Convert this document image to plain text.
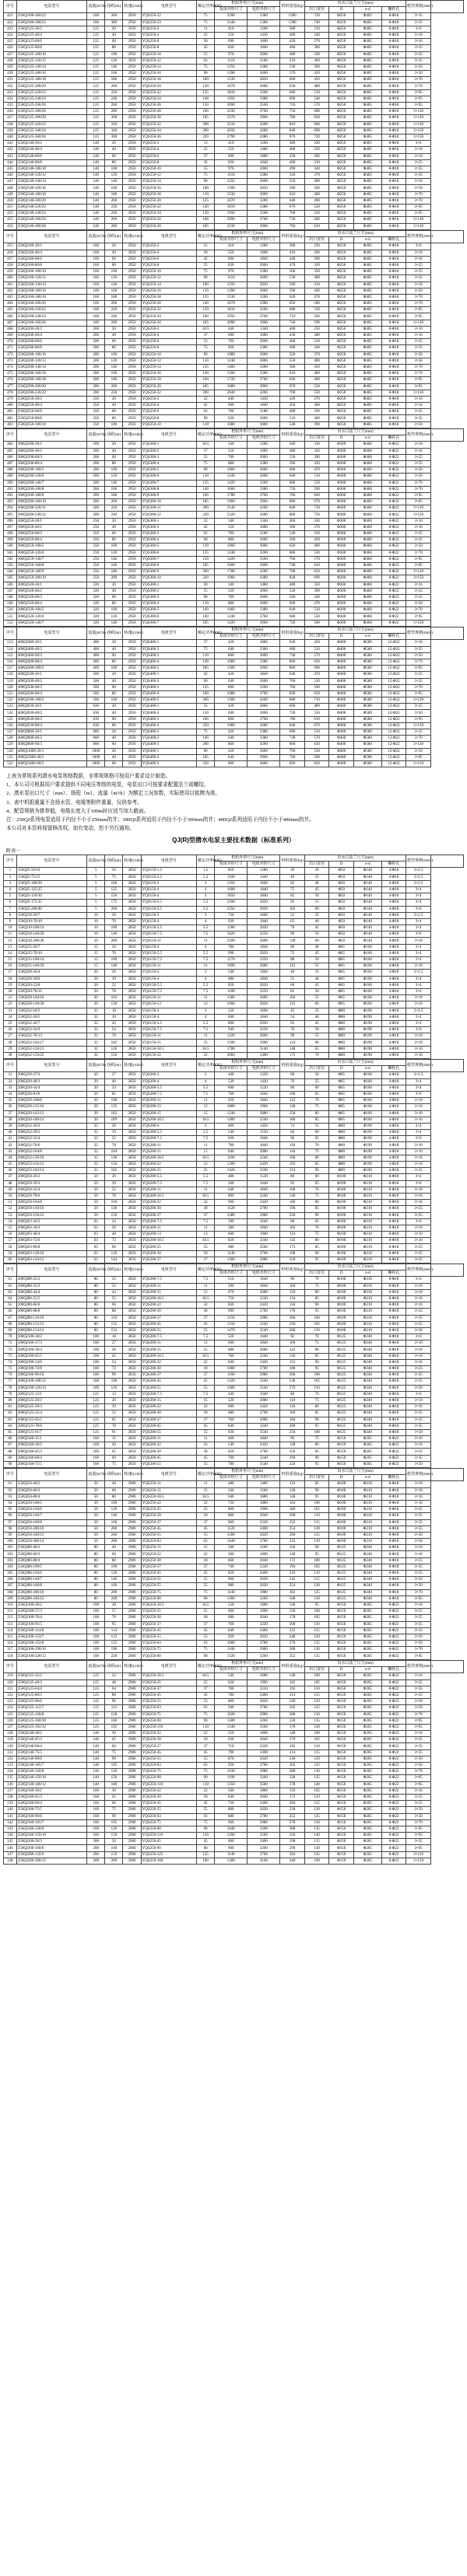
序号	电泵型号	流量(m³/h)	扬程(m)	转速(r/min)	电机型号	额定功率(kW)	机组外形尺寸(mm)		机组重量(kg)	出水口法兰尺寸(mm)				配管规格(mm²)	
							泵体外形尺寸	电机外形尺寸		出口直径	D	n-d	螺栓孔		
421	250QJ100-360/22	100	360	2950	YQS250-22	75	3200	5380	1360	720	Φ250	Φ405	8-Φ18	3×35	
422	250QJ100-380/23	100	380	2950	YQS250-23	75	3340	5380	1380	740	Φ250	Φ405	8-Φ18	3×35	
423	250QJ125-20/2	125	20	2950	YQS250-2	11	410	1200	380	210	Φ250	Φ405	8-Φ18	3×6	
424	250QJ125-40/4	125	40	2950	YQS250-4	22	550	1430	400	240	Φ250	Φ405	8-Φ18	3×10	
425	250QJ125-60/6	125	60	2950	YQS250-6	30	690	1600	420	270	Φ250	Φ405	8-Φ18	3×16	
426	250QJ125-80/8	125	80	2950	YQS250-8	45	830	1840	460	300	Φ250	Φ405	8-Φ18	3×25	
427	250QJ125-100/10	125	100	2950	YQS250-10	55	970	2060	480	330	Φ250	Φ405	8-Φ18	3×35	
428	250QJ125-120/12	125	120	2950	YQS250-12	63	1110	2180	510	360	Φ250	Φ405	8-Φ18	3×35	
429	250QJ125-140/14	125	140	2950	YQS250-14	75	1250	2380	540	390	Φ250	Φ405	8-Φ18	3×50	
430	250QJ125-160/16	125	160	2950	YQS250-16	90	1390	2600	570	420	Φ250	Φ405	8-Φ18	3×50	
431	250QJ125-180/18	125	180	2950	YQS250-18	100	1530	2820	600	450	Φ250	Φ405	8-Φ18	3×70	
432	250QJ125-200/20	125	200	2950	YQS250-20	110	1670	3000	630	480	Φ250	Φ405	8-Φ18	3×70	
433	250QJ125-220/22	125	220	2950	YQS250-22	125	1810	3200	660	510	Φ250	Φ405	8-Φ18	3×95	
434	250QJ125-240/24	125	240	2950	YQS250-24	140	1950	3380	690	540	Φ250	Φ405	8-Φ18	3×95	
435	250QJ125-260/26	125	260	2950	YQS250-26	150	2090	3560	720	570	Φ250	Φ405	8-Φ18	3×95	
436	250QJ125-280/28	125	280	2950	YQS250-28	160	2230	3760	750	600	Φ250	Φ405	8-Φ18	3×120	
437	250QJ125-300/30	125	300	2950	YQS250-30	185	2370	3960	780	630	Φ250	Φ405	8-Φ18	3×120	
438	250QJ125-320/32	125	320	2950	YQS250-32	200	2510	4200	810	660	Φ250	Φ405	8-Φ18	3×120	
439	250QJ125-340/34	125	340	2950	YQS250-34	200	2650	4200	840	690	Φ250	Φ405	8-Φ18	3×150	
440	250QJ125-360/36	125	360	2950	YQS250-36	220	2790	4380	870	720	Φ250	Φ405	8-Φ18	3×150	
441	250QJ140-20/2	140	20	2950	YQS250-2	13	410	1260	380	220	Φ250	Φ405	8-Φ18	3×6	
442	250QJ140-40/4	140	40	2950	YQS250-4	25	550	1480	400	250	Φ250	Φ405	8-Φ18	3×10	
443	250QJ140-60/6	140	60	2950	YQS250-6	37	690	1680	430	280	Φ250	Φ405	8-Φ18	3×16	
444	250QJ140-80/8	140	80	2950	YQS250-8	45	830	1840	460	310	Φ250	Φ405	8-Φ18	3×25	
445	250QJ140-100/10	140	100	2950	YQS250-10	55	970	2060	490	340	Φ250	Φ405	8-Φ18	3×35	
446	250QJ140-120/12	140	120	2950	YQS250-12	75	1110	2380	520	370	Φ250	Φ405	8-Φ18	3×35	
447	250QJ140-140/14	140	140	2950	YQS250-14	90	1250	2600	550	400	Φ250	Φ405	8-Φ18	3×50	
448	250QJ140-160/16	140	160	2950	YQS250-16	100	1390	2820	580	430	Φ250	Φ405	8-Φ18	3×50	
449	250QJ140-180/18	140	180	2950	YQS250-18	110	1530	3000	610	460	Φ250	Φ405	8-Φ18	3×70	
450	250QJ140-200/20	140	200	2950	YQS250-20	125	1670	3200	640	490	Φ250	Φ405	8-Φ18	3×70	
451	250QJ140-220/22	140	220	2950	YQS250-22	140	1810	3380	670	520	Φ250	Φ405	8-Φ18	3×95	
452	250QJ140-240/24	140	240	2950	YQS250-24	150	1950	3560	700	550	Φ250	Φ405	8-Φ18	3×95	
453	250QJ140-260/26	140	260	2950	YQS250-26	160	2090	3760	730	580	Φ250	Φ405	8-Φ18	3×120	
454	250QJ140-280/28	140	280	2950	YQS250-28	185	2230	3960	760	610	Φ250	Φ405	8-Φ18	3×120	
序号	电泵型号	流量(m³/h)	扬程(m)	转速(r/min)	电机型号	额定功率(kW)	机组外形尺寸(mm)		机组重量(kg)	出水口法兰尺寸(mm)				配管规格(mm²)	
							泵体外形尺寸	电机外形尺寸		出口直径	D	n-d	螺栓孔		
455	250QJ160-20/2	160	20	2950	YQS250-2	15	410	1280	380	230	Φ250	Φ405	8-Φ18	3×6	
456	250QJ160-40/4	160	40	2950	YQS250-4	30	550	1600	410	260	Φ250	Φ405	8-Φ18	3×10	
457	250QJ160-60/6	160	60	2950	YQS250-6	45	690	1840	440	290	Φ250	Φ405	8-Φ18	3×16	
458	250QJ160-80/8	160	80	2950	YQS250-8	55	830	2060	470	320	Φ250	Φ405	8-Φ18	3×25	
459	250QJ160-100/10	160	100	2950	YQS250-10	75	970	2380	500	350	Φ250	Φ405	8-Φ18	3×35	
460	250QJ160-120/12	160	120	2950	YQS250-12	90	1110	2600	530	380	Φ250	Φ405	8-Φ18	3×35	
461	250QJ160-140/14	160	140	2950	YQS250-14	100	1250	2820	560	410	Φ250	Φ405	8-Φ18	3×50	
462	250QJ160-160/16	160	160	2950	YQS250-16	110	1390	3000	590	440	Φ250	Φ405	8-Φ18	3×50	
463	250QJ160-180/18	160	180	2950	YQS250-18	125	1530	3200	620	470	Φ250	Φ405	8-Φ18	3×70	
464	250QJ160-200/20	160	200	2950	YQS250-20	140	1670	3380	650	500	Φ250	Φ405	8-Φ18	3×70	
465	250QJ160-220/22	160	220	2950	YQS250-22	150	1810	3560	680	530	Φ250	Φ405	8-Φ18	3×95	
466	250QJ160-240/24	160	240	2950	YQS250-24	160	1950	3760	710	560	Φ250	Φ405	8-Φ18	3×95	
467	250QJ160-260/26	160	260	2950	YQS250-26	185	2090	3960	740	590	Φ250	Φ405	8-Φ18	3×120	
468	250QJ200-20/2	200	20	2950	YQS250-2	18.5	440	1340	400	250	Φ250	Φ405	8-Φ18	3×10	
469	250QJ200-40/4	200	40	2950	YQS250-4	37	600	1680	430	280	Φ250	Φ405	8-Φ18	3×16	
470	250QJ200-60/6	200	60	2950	YQS250-6	55	760	2060	460	310	Φ250	Φ405	8-Φ18	3×25	
471	250QJ200-80/8	200	80	2950	YQS250-8	75	920	2380	490	340	Φ250	Φ405	8-Φ18	3×35	
472	250QJ200-100/10	200	100	2950	YQS250-10	90	1080	2600	520	370	Φ250	Φ405	8-Φ18	3×50	
473	250QJ200-120/12	200	120	2950	YQS250-12	110	1240	3000	550	400	Φ250	Φ405	8-Φ18	3×50	
474	250QJ200-140/14	200	140	2950	YQS250-14	125	1400	3200	580	430	Φ250	Φ405	8-Φ18	3×70	
475	250QJ200-160/16	200	160	2950	YQS250-16	140	1560	3380	610	460	Φ250	Φ405	8-Φ18	3×70	
476	250QJ200-180/18	200	180	2950	YQS250-18	160	1720	3760	640	490	Φ250	Φ405	8-Φ18	3×95	
477	250QJ200-200/20	200	200	2950	YQS250-20	185	1880	3960	670	520	Φ250	Φ405	8-Φ18	3×95	
478	250QJ200-220/22	200	220	2950	YQS250-22	200	2040	4200	700	550	Φ250	Φ405	8-Φ18	3×120	
479	250QJ250-20/2	250	20	2950	YQS250-2	22	440	1430	420	270	Φ250	Φ405	8-Φ18	3×10	
480	250QJ250-40/4	250	40	2950	YQS250-4	45	600	1840	450	300	Φ250	Φ405	8-Φ18	3×16	
481	250QJ250-60/6	250	60	2950	YQS250-6	63	760	2180	480	330	Φ250	Φ405	8-Φ18	3×25	
482	250QJ250-80/8	250	80	2950	YQS250-8	90	920	2600	510	360	Φ250	Φ405	8-Φ18	3×35	
483	250QJ250-100/10	250	100	2950	YQS250-10	110	1080	3000	540	390	Φ250	Φ405	8-Φ18	3×50	
序号	电泵型号	流量(m³/h)	扬程(m)	转速(r/min)	电机型号	额定功率(kW)	机组外形尺寸(mm)		机组重量(kg)	出水口法兰尺寸(mm)				配管规格(mm²)	
							泵体外形尺寸	电机外形尺寸		出口直径	D	n-d	螺栓孔		
484	300QJ200-20/1	200	20	2950	YQS300-1	18.5	340	1280	440	310	Φ300	Φ460	8-Φ22	3×10	
485	300QJ200-40/2	200	40	2950	YQS300-2	37	520	1600	480	350	Φ300	Φ460	8-Φ22	3×16	
486	300QJ200-60/3	200	60	2950	YQS300-3	55	700	2060	520	390	Φ300	Φ460	8-Φ22	3×25	
487	300QJ200-80/4	200	80	2950	YQS300-4	75	880	2380	560	430	Φ300	Φ460	8-Φ22	3×35	
488	300QJ200-100/5	200	100	2950	YQS300-5	90	1060	2600	600	470	Φ300	Φ460	8-Φ22	3×50	
489	300QJ200-120/6	200	120	2950	YQS300-6	110	1240	3000	640	510	Φ300	Φ460	8-Φ22	3×50	
490	300QJ200-140/7	200	140	2950	YQS300-7	125	1420	3200	680	550	Φ300	Φ460	8-Φ22	3×70	
491	300QJ200-160/8	200	160	2950	YQS300-8	140	1600	3380	720	590	Φ300	Φ460	8-Φ22	3×70	
492	300QJ200-180/9	200	180	2950	YQS300-9	160	1780	3760	760	630	Φ300	Φ460	8-Φ22	3×95	
493	300QJ200-200/10	200	200	2950	YQS300-10	185	1960	3960	800	670	Φ300	Φ460	8-Φ22	3×95	
494	300QJ200-220/11	200	220	2950	YQS300-11	200	2140	4200	840	710	Φ300	Φ460	8-Φ22	3×120	
495	300QJ200-240/12	200	240	2950	YQS300-12	220	2320	4380	880	750	Φ300	Φ460	8-Φ22	3×150	
496	300QJ250-20/1	250	20	2950	YQS300-1	22	340	1340	460	330	Φ300	Φ460	8-Φ22	3×10	
497	300QJ250-40/2	250	40	2950	YQS300-2	45	520	1680	500	370	Φ300	Φ460	8-Φ22	3×16	
498	300QJ250-60/3	250	60	2950	YQS300-3	63	700	2180	540	410	Φ300	Φ460	8-Φ22	3×25	
499	300QJ250-80/4	250	80	2950	YQS300-4	90	880	2600	580	450	Φ300	Φ460	8-Φ22	3×35	
500	300QJ250-100/5	250	100	2950	YQS300-5	110	1060	3000	620	490	Φ300	Φ460	8-Φ22	3×50	
501	300QJ250-120/6	250	120	2950	YQS300-6	125	1240	3200	660	530	Φ300	Φ460	8-Φ22	3×70	
502	300QJ250-140/7	250	140	2950	YQS300-7	150	1420	3560	700	570	Φ300	Φ460	8-Φ22	3×95	
503	300QJ250-160/8	250	160	2950	YQS300-8	185	1600	3960	740	610	Φ300	Φ460	8-Φ22	3×95	
504	300QJ250-180/9	250	180	2950	YQS300-9	200	1780	4200	780	650	Φ300	Φ460	8-Φ22	3×120	
505	300QJ250-200/10	250	200	2950	YQS300-10	220	1960	4380	820	690	Φ300	Φ460	8-Φ22	3×150	
506	300QJ320-20/1	320	20	2950	YQS300-1	30	340	1480	480	350	Φ300	Φ460	8-Φ22	3×16	
507	300QJ320-40/2	320	40	2950	YQS300-2	55	520	2060	520	390	Φ300	Φ460	8-Φ22	3×25	
508	300QJ320-60/3	320	60	2950	YQS300-3	90	700	2600	560	430	Φ300	Φ460	8-Φ22	3×35	
509	300QJ320-80/4	320	80	2950	YQS300-4	110	880	3000	600	470	Φ300	Φ460	8-Φ22	3×50	
510	300QJ320-100/5	320	100	2950	YQS300-5	140	1060	3380	640	510	Φ300	Φ460	8-Φ22	3×70	
511	300QJ320-120/6	320	120	2950	YQS300-6	160	1240	3760	680	550	Φ300	Φ460	8-Φ22	3×95	
512	300QJ320-140/7	320	140	2950	YQS300-7	185	1420	3960	720	590	Φ300	Φ460	8-Φ22	3×120	
序号	电泵型号	流量(m³/h)	扬程(m)	转速(r/min)	电机型号	额定功率(kW)	机组外形尺寸(mm)		机组重量(kg)	出水口法兰尺寸(mm)				配管规格(mm²)	
							泵体外形尺寸	电机外形尺寸		出口直径	D	n-d	螺栓孔		
513	400QJ400-20/1	400	20	2950	YQS400-1	37	420	1680	620	450	Φ400	Φ580	12-Φ22	3×16	
514	400QJ400-40/2	400	40	2950	YQS400-2	75	640	2380	680	510	Φ400	Φ580	12-Φ22	3×35	
515	400QJ400-60/3	400	60	2950	YQS400-3	110	860	3000	740	570	Φ400	Φ580	12-Φ22	3×50	
516	400QJ400-80/4	400	80	2950	YQS400-4	140	1080	3380	800	630	Φ400	Φ580	12-Φ22	3×70	
517	400QJ400-100/5	400	100	2950	YQS400-5	185	1300	3960	860	690	Φ400	Φ580	12-Φ22	3×95	
518	400QJ500-20/1	500	20	2950	YQS400-1	45	420	1840	640	470	Φ400	Φ580	12-Φ22	3×25	
519	400QJ500-40/2	500	40	2950	YQS400-2	90	640	2600	700	530	Φ400	Φ580	12-Φ22	3×35	
520	400QJ500-60/3	500	60	2950	YQS400-3	125	860	3200	760	590	Φ400	Φ580	12-Φ22	3×70	
521	400QJ500-80/4	500	80	2950	YQS400-4	160	1080	3760	820	650	Φ400	Φ580	12-Φ22	3×95	
522	400QJ500-100/5	500	100	2950	YQS400-5	200	1300	4200	880	710	Φ400	Φ580	12-Φ22	3×120	
523	400QJ630-20/1	630	20	2950	YQS400-1	55	420	2060	660	490	Φ400	Φ580	12-Φ22	3×25	
524	400QJ630-40/2	630	40	2950	YQS400-2	110	640	3000	720	550	Φ400	Φ580	12-Φ22	3×50	
525	400QJ630-60/3	630	60	2950	YQS400-3	160	860	3760	780	610	Φ400	Φ580	12-Φ22	3×95	
526	400QJ630-80/4	630	80	2950	YQS400-4	220	1080	4380	840	670	Φ400	Φ580	12-Φ22	3×150	
527	400QJ800-20/1	800	20	2950	YQS400-1	75	420	2380	680	510	Φ400	Φ580	12-Φ22	3×35	
528	400QJ800-40/2	800	40	2950	YQS400-2	140	640	3380	740	570	Φ400	Φ580	12-Φ22	3×70	
529	400QJ800-60/3	800	60	2950	YQS400-3	200	860	4200	800	630	Φ400	Φ580	12-Φ22	3×120	
530	400QJ1000-20/1	1000	20	2950	YQS400-1	90	420	2600	700	530	Φ400	Φ580	12-Φ22	3×50	
531	400QJ1000-40/2	1000	40	2950	YQS400-2	185	640	3960	760	590	Φ400	Φ580	12-Φ22	3×95	
532	400QJ1000-60/3	1000	60	2950	YQS400-3	250	860	4600	820	650	Φ400	Φ580	12-Φ22	3×150	
序号	电泵型号	流量(m³/h)	扬程(m)	转速(r/min)	电机型号	额定功率(kW)	机组外形尺寸(mm)		机组重量(kg)	出水口法兰尺寸(mm)				配管规格(mm²)	
							泵体外形尺寸	电机外形尺寸		出口直径	D	n-d	螺栓孔		
1	150QJ5-50/10	5	50	2850	YQS150-1.5	1.5	850	1280	39	30	Φ50	Φ140	4-Φ18	3×2.5	
2	150QJ5-75/15	5	75	2850	YQS150-2.2	2.2	1100	1440	49	35	Φ50	Φ140	4-Φ18	3×2.5	
3	150QJ5-100/20	5	100	2850	YQS150-3	3	1350	1660	62	40	Φ50	Φ140	4-Φ18	3×2.5	
4	150QJ5-125/25	5	125	2850	YQS150-4	4	1600	1840	75	45	Φ50	Φ140	4-Φ18	3×4	
5	150QJ5-150/30	5	150	2850	YQS150-4	4	1850	1840	82	50	Φ50	Φ140	4-Φ18	3×4	
6	150QJ5-175/35	5	175	2850	YQS150-5.5	5.5	2100	2020	95	55	Φ50	Φ140	4-Φ18	3×4	
7	150QJ5-200/40	5	200	2850	YQS150-5.5	5.5	2350	2020	102	60	Φ50	Φ140	4-Φ18	3×6	
8	150QJ10-50/7	10	50	2850	YQS150-3	3	720	1660	52	35	Φ50	Φ140	4-Φ18	3×2.5	
9	150QJ10-70/10	10	70	2850	YQS150-4	4	930	1840	63	40	Φ50	Φ140	4-Φ18	3×4	
10	150QJ10-100/14	10	100	2850	YQS150-5.5	5.5	1200	2020	78	45	Φ50	Φ140	4-Φ18	3×4	
11	150QJ10-140/20	10	140	2850	YQS150-7.5	7.5	1620	2250	99	50	Φ50	Φ140	4-Φ18	3×6	
12	150QJ10-200/28	10	200	2850	YQS150-11	11	2180	2600	130	60	Φ50	Φ140	4-Φ18	3×10	
13	150QJ15-50/7	15	50	2850	YQS150-4	4	780	1840	60	40	Φ65	Φ160	4-Φ18	3×4	
14	150QJ15-70/10	15	70	2850	YQS150-5.5	5.5	990	2020	72	45	Φ65	Φ160	4-Φ18	3×4	
15	150QJ15-100/14	15	100	2850	YQS150-7.5	7.5	1270	2250	88	50	Φ65	Φ160	4-Φ18	3×6	
16	150QJ15-140/20	15	140	2850	YQS150-11	11	1690	2600	112	55	Φ65	Φ160	4-Φ18	3×10	
17	150QJ20-26/4	20	26	2850	YQS150-3	3	540	1660	46	35	Φ65	Φ160	4-Φ18	3×2.5	
18	150QJ20-39/6	20	39	2850	YQS150-4	4	680	1840	55	40	Φ65	Φ160	4-Φ18	3×4	
19	150QJ20-52/8	20	52	2850	YQS150-5.5	5.5	820	2020	66	45	Φ65	Φ160	4-Φ18	3×4	
20	150QJ20-78/12	20	78	2850	YQS150-7.5	7.5	1100	2250	82	50	Φ65	Φ160	4-Φ18	3×6	
21	150QJ20-104/16	20	104	2850	YQS150-11	11	1380	2600	104	55	Φ65	Φ160	4-Φ18	3×10	
22	150QJ20-130/20	20	130	2850	YQS150-13	13	1660	2820	122	60	Φ65	Φ160	4-Φ18	3×10	
23	150QJ32-18/3	32	18	2850	YQS150-3	3	520	1660	45	35	Φ80	Φ190	4-Φ18	3×2.5	
24	150QJ32-30/5	32	30	2850	YQS150-4	4	660	1840	54	40	Φ80	Φ190	4-Φ18	3×4	
25	150QJ32-42/7	32	42	2850	YQS150-5.5	5.5	800	2020	65	45	Φ80	Φ190	4-Φ18	3×4	
26	150QJ32-54/9	32	54	2850	YQS150-7.5	7.5	940	2250	78	50	Φ80	Φ190	4-Φ18	3×6	
27	150QJ32-78/13	32	78	2850	YQS150-11	11	1220	2600	98	55	Φ80	Φ190	4-Φ18	3×10	
28	150QJ32-102/17	32	102	2850	YQS150-15	15	1500	2900	124	60	Φ80	Φ190	4-Φ18	3×10	
29	150QJ32-126/21	32	126	2850	YQS150-18.5	18.5	1780	3140	148	65	Φ80	Φ190	4-Φ18	3×16	
30	150QJ32-150/25	32	150	2850	YQS150-22	22	2060	3400	172	70	Φ80	Φ190	4-Φ18	3×16	
序号	电泵型号	流量(m³/h)	扬程(m)	转速(r/min)	电机型号	额定功率(kW)	机组外形尺寸(mm)		机组重量(kg)	出水口法兰尺寸(mm)				配管规格(mm²)	
							泵体外形尺寸	电机外形尺寸		出口直径	D	n-d	螺栓孔		
31	200QJ20-27/2	20	27	2850	YQS200-3	3	440	1320	68	50	Φ65	Φ160	4-Φ18	3×2.5	
32	200QJ20-40/3	20	40	2850	YQS200-4	4	520	1420	76	55	Φ65	Φ160	4-Φ18	3×4	
33	200QJ20-54/4	20	54	2850	YQS200-5.5	5.5	600	1520	86	60	Φ65	Φ160	4-Φ18	3×4	
34	200QJ20-81/6	20	81	2850	YQS200-7.5	7.5	760	1640	100	65	Φ65	Φ160	4-Φ18	3×6	
35	200QJ20-108/8	20	108	2850	YQS200-11	11	920	1840	122	70	Φ65	Φ160	4-Φ18	3×10	
36	200QJ20-135/10	20	135	2850	YQS200-13	13	1080	1960	140	75	Φ65	Φ160	4-Φ18	3×10	
37	200QJ20-162/12	20	162	2850	YQS200-15	15	1240	2080	158	80	Φ65	Φ160	4-Φ18	3×10	
38	200QJ20-189/14	20	189	2850	YQS200-18.5	18.5	1400	2240	180	85	Φ65	Φ160	4-Φ18	3×16	
39	200QJ32-26/2	32	26	2850	YQS200-4	4	460	1420	74	55	Φ80	Φ190	4-Φ18	3×4	
40	200QJ32-39/3	32	39	2850	YQS200-5.5	5.5	540	1520	84	60	Φ80	Φ190	4-Φ18	3×4	
41	200QJ32-52/4	32	52	2850	YQS200-7.5	7.5	620	1640	96	65	Φ80	Φ190	4-Φ18	3×6	
42	200QJ32-78/6	32	78	2850	YQS200-11	11	780	1840	118	70	Φ80	Φ190	4-Φ18	3×10	
43	200QJ32-104/8	32	104	2850	YQS200-15	15	940	2080	144	75	Φ80	Φ190	4-Φ18	3×10	
44	200QJ32-130/10	32	130	2850	YQS200-18.5	18.5	1100	2240	168	80	Φ80	Φ190	4-Φ18	3×16	
45	200QJ32-156/12	32	156	2850	YQS200-22	22	1260	2420	192	85	Φ80	Φ190	4-Φ18	3×16	
46	200QJ32-182/14	32	182	2850	YQS200-25	25	1420	2560	214	90	Φ80	Φ190	4-Φ18	3×25	
47	200QJ50-26/2	50	26	2850	YQS200-5.5	5.5	480	1520	80	60	Φ100	Φ210	8-Φ18	3×4	
48	200QJ50-39/3	50	39	2850	YQS200-7.5	7.5	560	1640	92	65	Φ100	Φ210	8-Φ18	3×6	
49	200QJ50-52/4	50	52	2850	YQS200-11	11	640	1840	108	70	Φ100	Φ210	8-Φ18	3×10	
50	200QJ50-78/6	50	78	2850	YQS200-18.5	18.5	800	2240	140	75	Φ100	Φ210	8-Φ18	3×16	
51	200QJ50-104/8	50	104	2850	YQS200-22	22	960	2420	166	80	Φ100	Φ210	8-Φ18	3×16	
52	200QJ50-130/10	50	130	2850	YQS200-30	30	1120	2700	196	85	Φ100	Φ210	8-Φ18	3×25	
53	200QJ50-156/12	50	156	2850	YQS200-37	37	1280	2980	226	90	Φ100	Φ210	8-Φ18	3×35	
54	200QJ63-24/2	63	24	2850	YQS200-7.5	7.5	500	1640	88	65	Φ100	Φ210	8-Φ18	3×6	
55	200QJ63-36/3	63	36	2850	YQS200-11	11	580	1840	102	70	Φ100	Φ210	8-Φ18	3×10	
56	200QJ63-48/4	63	48	2850	YQS200-13	13	660	1960	114	75	Φ100	Φ210	8-Φ18	3×10	
57	200QJ63-72/6	63	72	2850	YQS200-18.5	18.5	820	2240	142	80	Φ100	Φ210	8-Φ18	3×16	
58	200QJ63-96/8	63	96	2850	YQS200-25	25	980	2560	172	85	Φ100	Φ210	8-Φ18	3×25	
59	200QJ63-120/10	63	120	2850	YQS200-30	30	1140	2700	198	90	Φ100	Φ210	8-Φ18	3×25	
60	200QJ63-144/12	63	144	2850	YQS200-37	37	1300	2980	228	95	Φ100	Φ210	8-Φ18	3×35	
序号	电泵型号	流量(m³/h)	扬程(m)	转速(r/min)	电机型号	额定功率(kW)	机组外形尺寸(mm)		机组重量(kg)	出水口法兰尺寸(mm)				配管规格(mm²)	
							泵体外形尺寸	电机外形尺寸		出口直径	D	n-d	螺栓孔		
61	200QJ80-22/2	80	22	2850	YQS200-7.5	7.5	510	1640	90	70	Φ100	Φ210	8-Φ18	3×6	
62	200QJ80-33/3	80	33	2850	YQS200-11	11	590	1840	104	75	Φ100	Φ210	8-Φ18	3×10	
63	200QJ80-44/4	80	44	2850	YQS200-15	15	670	2080	120	80	Φ100	Φ210	8-Φ18	3×10	
64	200QJ80-55/5	80	55	2850	YQS200-18.5	18.5	750	2240	134	85	Φ100	Φ210	8-Φ18	3×16	
65	200QJ80-66/6	80	66	2850	YQS200-22	22	830	2420	150	90	Φ100	Φ210	8-Φ18	3×16	
66	200QJ80-88/8	80	88	2850	YQS200-30	30	990	2700	178	95	Φ100	Φ210	8-Φ18	3×25	
67	200QJ80-110/10	80	110	2850	YQS200-37	37	1150	2980	206	100	Φ100	Φ210	8-Φ18	3×35	
68	200QJ80-132/12	80	132	2850	YQS200-45	45	1310	3240	236	105	Φ100	Φ210	8-Φ18	3×35	
69	200QJ80-154/14	80	154	2850	YQS200-55	55	1470	3540	268	110	Φ100	Φ210	8-Φ18	3×50	
70	200QJ100-18/2	100	18	2850	YQS200-7.5	7.5	520	1640	92	70	Φ125	Φ240	8-Φ18	3×6	
71	200QJ100-27/3	100	27	2850	YQS200-11	11	600	1840	106	75	Φ125	Φ240	8-Φ18	3×10	
72	200QJ100-36/4	100	36	2850	YQS200-15	15	680	2080	122	80	Φ125	Φ240	8-Φ18	3×10	
73	200QJ100-45/5	100	45	2850	YQS200-18.5	18.5	760	2240	136	85	Φ125	Φ240	8-Φ18	3×16	
74	200QJ100-54/6	100	54	2850	YQS200-22	22	840	2420	152	90	Φ125	Φ240	8-Φ18	3×16	
75	200QJ100-72/8	100	72	2850	YQS200-30	30	1000	2700	180	95	Φ125	Φ240	8-Φ18	3×25	
76	200QJ100-90/10	100	90	2850	YQS200-37	37	1160	2980	208	100	Φ125	Φ240	8-Φ18	3×35	
77	200QJ100-108/12	100	108	2850	YQS200-45	45	1320	3240	238	105	Φ125	Φ240	8-Φ18	3×35	
78	200QJ100-126/14	100	126	2850	YQS200-55	55	1480	3540	270	110	Φ125	Φ240	8-Φ18	3×50	
79	200QJ125-13/1	125	13	2850	YQS200-7.5	7.5	440	1640	86	70	Φ125	Φ240	8-Φ18	3×6	
80	200QJ125-26/2	125	26	2850	YQS200-15	15	520	2080	110	75	Φ125	Φ240	8-Φ18	3×10	
81	200QJ125-39/3	125	39	2850	YQS200-22	22	600	2420	136	80	Φ125	Φ240	8-Φ18	3×16	
82	200QJ125-52/4	125	52	2850	YQS200-30	30	680	2700	160	85	Φ125	Φ240	8-Φ18	3×25	
83	200QJ125-65/5	125	65	2850	YQS200-37	37	760	2980	184	90	Φ125	Φ240	8-Φ18	3×35	
84	200QJ125-78/6	125	78	2850	YQS200-45	45	840	3240	208	95	Φ125	Φ240	8-Φ18	3×35	
85	200QJ125-91/7	125	91	2850	YQS200-55	55	920	3540	234	100	Φ125	Φ240	8-Φ18	3×50	
86	200QJ160-15/1	160	15	2850	YQS200-11	11	460	1840	96	75	Φ150	Φ265	8-Φ22	3×10	
87	200QJ160-30/2	160	30	2850	YQS200-22	22	540	2420	128	80	Φ150	Φ265	8-Φ22	3×16	
88	200QJ160-45/3	160	45	2850	YQS200-30	30	620	2700	156	85	Φ150	Φ265	8-Φ22	3×25	
89	200QJ160-60/4	160	60	2850	YQS200-45	45	700	3240	194	90	Φ150	Φ265	8-Φ22	3×35	
90	200QJ160-75/5	160	75	2850	YQS200-55	55	780	3540	224	95	Φ150	Φ265	8-Φ22	3×50	
序号	电泵型号	流量(m³/h)	扬程(m)	转速(r/min)	电机型号	额定功率(kW)	机组外形尺寸(mm)		机组重量(kg)	出水口法兰尺寸(mm)				配管规格(mm²)	
							泵体外形尺寸	电机外形尺寸		出口直径	D	n-d	螺栓孔		
91	250QJ50-40/2	50	40	2900	YQS250-11	11	480	1400	110	85	Φ100	Φ210	8-Φ18	3×10	
92	250QJ50-60/3	50	60	2900	YQS250-15	15	560	1560	128	90	Φ100	Φ210	8-Φ18	3×10	
93	250QJ50-80/4	50	80	2900	YQS250-18.5	18.5	640	1680	146	95	Φ100	Φ210	8-Φ18	3×16	
94	250QJ50-100/5	50	100	2900	YQS250-22	22	720	1800	164	100	Φ100	Φ210	8-Φ18	3×16	
95	250QJ50-120/6	50	120	2900	YQS250-25	25	800	1900	180	105	Φ100	Φ210	8-Φ18	3×25	
96	250QJ50-140/7	50	140	2900	YQS250-30	30	880	2040	200	110	Φ100	Φ210	8-Φ18	3×25	
97	250QJ50-160/8	50	160	2900	YQS250-37	37	960	2220	222	115	Φ100	Φ210	8-Φ18	3×35	
98	250QJ50-200/10	50	200	2900	YQS250-45	45	1120	2400	254	120	Φ100	Φ210	8-Φ18	3×35	
99	250QJ50-240/12	50	240	2900	YQS250-55	55	1280	2620	290	125	Φ100	Φ210	8-Φ18	3×50	
100	250QJ50-280/14	50	280	2900	YQS250-63	63	1440	2780	322	130	Φ100	Φ210	8-Φ18	3×50	
101	250QJ80-40/2	80	40	2900	YQS250-15	15	500	1560	126	90	Φ125	Φ240	8-Φ18	3×10	
102	250QJ80-60/3	80	60	2900	YQS250-22	22	580	1800	148	95	Φ125	Φ240	8-Φ18	3×16	
103	250QJ80-80/4	80	80	2900	YQS250-30	30	660	2040	172	100	Φ125	Φ240	8-Φ18	3×25	
104	250QJ80-100/5	80	100	2900	YQS250-37	37	740	2220	194	105	Φ125	Φ240	8-Φ18	3×35	
105	250QJ80-120/6	80	120	2900	YQS250-45	45	820	2400	216	110	Φ125	Φ240	8-Φ18	3×35	
106	250QJ80-140/7	80	140	2900	YQS250-55	55	900	2620	242	115	Φ125	Φ240	8-Φ18	3×50	
107	250QJ80-160/8	80	160	2900	YQS250-55	55	980	2620	254	120	Φ125	Φ240	8-Φ18	3×50	
108	250QJ80-200/10	80	200	2900	YQS250-75	75	1140	2980	302	125	Φ125	Φ240	8-Φ18	3×70	
109	250QJ80-240/12	80	240	2900	YQS250-90	90	1300	3260	346	130	Φ125	Φ240	8-Φ18	3×95	
110	250QJ100-38/2	100	38	2900	YQS250-18.5	18.5	520	1680	136	95	Φ150	Φ265	8-Φ22	3×16	
111	250QJ100-57/3	100	57	2900	YQS250-25	25	600	1900	158	100	Φ150	Φ265	8-Φ22	3×25	
112	250QJ100-76/4	100	76	2900	YQS250-30	30	680	2040	178	105	Φ150	Φ265	8-Φ22	3×25	
113	250QJ100-95/5	100	95	2900	YQS250-37	37	760	2220	200	110	Φ150	Φ265	8-Φ22	3×35	
114	250QJ100-114/6	100	114	2900	YQS250-45	45	840	2400	222	115	Φ150	Φ265	8-Φ22	3×35	
115	250QJ100-133/7	100	133	2900	YQS250-55	55	920	2620	248	120	Φ150	Φ265	8-Φ22	3×50	
116	250QJ100-152/8	100	152	2900	YQS250-63	63	1000	2780	270	125	Φ150	Φ265	8-Φ22	3×50	
117	250QJ100-190/10	100	190	2900	YQS250-75	75	1160	2980	308	130	Φ150	Φ265	8-Φ22	3×70	
118	250QJ100-228/12	100	228	2900	YQS250-90	90	1320	3260	352	135	Φ150	Φ265	8-Φ22	3×95	
序号	电泵型号	流量(m³/h)	扬程(m)	转速(r/min)	电机型号	额定功率(kW)	机组外形尺寸(mm)		机组重量(kg)	出水口法兰尺寸(mm)				配管规格(mm²)	
							泵体外形尺寸	电机外形尺寸		出口直径	D	n-d	螺栓孔		
119	250QJ125-32/2	125	32	2900	YQS250-18.5	18.5	540	1680	140	100	Φ150	Φ265	8-Φ22	3×16	
120	250QJ125-48/3	125	48	2900	YQS250-25	25	620	1900	162	105	Φ150	Φ265	8-Φ22	3×25	
121	250QJ125-64/4	125	64	2900	YQS250-37	37	700	2220	192	110	Φ150	Φ265	8-Φ22	3×35	
122	250QJ125-80/5	125	80	2900	YQS250-45	45	780	2400	214	115	Φ150	Φ265	8-Φ22	3×35	
123	250QJ125-96/6	125	96	2900	YQS250-55	55	860	2620	240	120	Φ150	Φ265	8-Φ22	3×50	
124	250QJ125-112/7	125	112	2900	YQS250-63	63	940	2780	262	125	Φ150	Φ265	8-Φ22	3×50	
125	250QJ125-128/8	125	128	2900	YQS250-75	75	1020	2980	288	130	Φ150	Φ265	8-Φ22	3×70	
126	250QJ125-160/10	125	160	2900	YQS250-90	90	1180	3260	330	135	Φ150	Φ265	8-Φ22	3×95	
127	250QJ125-192/12	125	192	2900	YQS250-110	110	1340	3560	378	140	Φ150	Φ265	8-Φ22	3×95	
128	250QJ140-30/2	140	30	2900	YQS250-22	22	550	1800	148	100	Φ150	Φ265	8-Φ22	3×16	
129	250QJ140-45/3	140	45	2900	YQS250-30	30	630	2040	170	105	Φ150	Φ265	8-Φ22	3×25	
130	250QJ140-60/4	140	60	2900	YQS250-37	37	710	2220	192	110	Φ150	Φ265	8-Φ22	3×35	
131	250QJ140-75/5	140	75	2900	YQS250-45	45	790	2400	214	115	Φ150	Φ265	8-Φ22	3×35	
132	250QJ140-90/6	140	90	2900	YQS250-55	55	870	2620	240	120	Φ150	Φ265	8-Φ22	3×50	
133	250QJ140-105/7	140	105	2900	YQS250-63	63	950	2780	262	125	Φ150	Φ265	8-Φ22	3×50	
134	250QJ140-120/8	140	120	2900	YQS250-75	75	1030	2980	288	130	Φ150	Φ265	8-Φ22	3×70	
135	250QJ140-150/10	140	150	2900	YQS250-90	90	1190	3260	330	135	Φ150	Φ265	8-Φ22	3×95	
136	250QJ140-180/12	140	180	2900	YQS250-110	110	1350	3560	378	140	Φ150	Φ265	8-Φ22	3×95	
137	250QJ160-30/2	160	30	2900	YQS250-22	22	560	1800	150	105	Φ150	Φ265	8-Φ22	3×16	
138	250QJ160-45/3	160	45	2900	YQS250-30	30	640	2040	172	110	Φ150	Φ265	8-Φ22	3×25	
139	250QJ160-60/4	160	60	2900	YQS250-45	45	720	2400	204	115	Φ150	Φ265	8-Φ22	3×35	
140	250QJ160-75/5	160	75	2900	YQS250-55	55	800	2620	230	120	Φ150	Φ265	8-Φ22	3×50	
141	250QJ160-90/6	160	90	2900	YQS250-63	63	880	2780	252	125	Φ150	Φ265	8-Φ22	3×50	
142	250QJ160-105/7	160	105	2900	YQS250-75	75	960	2980	278	130	Φ150	Φ265	8-Φ22	3×70	
143	250QJ160-120/8	160	120	2900	YQS250-90	90	1040	3260	308	135	Φ150	Φ265	8-Φ22	3×95	
144	250QJ160-150/10	160	150	2900	YQS250-110	110	1200	3560	356	140	Φ150	Φ265	8-Φ22	3×95	
145	250QJ200-50/3	200	50	2900	YQS250-45	45	660	2400	198	115	Φ150	Φ265	8-Φ22	3×35	
146	250QJ200-100/6	200	100	2900	YQS250-90	90	900	3260	290	130	Φ150	Φ265	8-Φ22	3×95	
147	250QJ200-150/9	200	150	2900	YQS250-125	125	1140	3760	364	145	Φ150	Φ265	8-Φ22	3×120	
148	250QJ200-200/12	200	200	2900	YQS250-160	160	1380	4160	440	160	Φ150	Φ265	8-Φ22	3×150	

上表为常规系列潜水电泵规格数据，非常规规格可按用户要求设计制造。

1、本公司可根据用户要求提供不同电压等级的电泵，电泵出口可按要求配置法兰或螺纹。

2、潜水泵出口尺寸（mm）、扬程（m）、流量（m³/h）为额定工况参数，实际使用以铭牌为准。

3、表中机组重量不含扬水管、电缆等附件重量，仅供参考。

4、配管规格为推荐值，电缆长度大于100m时应适当加大截面。

注：250QJ系列电泵适用于内径不小于250mm的井；300QJ系列适用于内径不小于300mm的井；400QJ系列适用于内径不小于400mm的井。

本公司对本资料保留修改权，如有变动，恕不另行通知。

QJ(R)型潜水电泵主要技术数据（标准系列）
附表一
